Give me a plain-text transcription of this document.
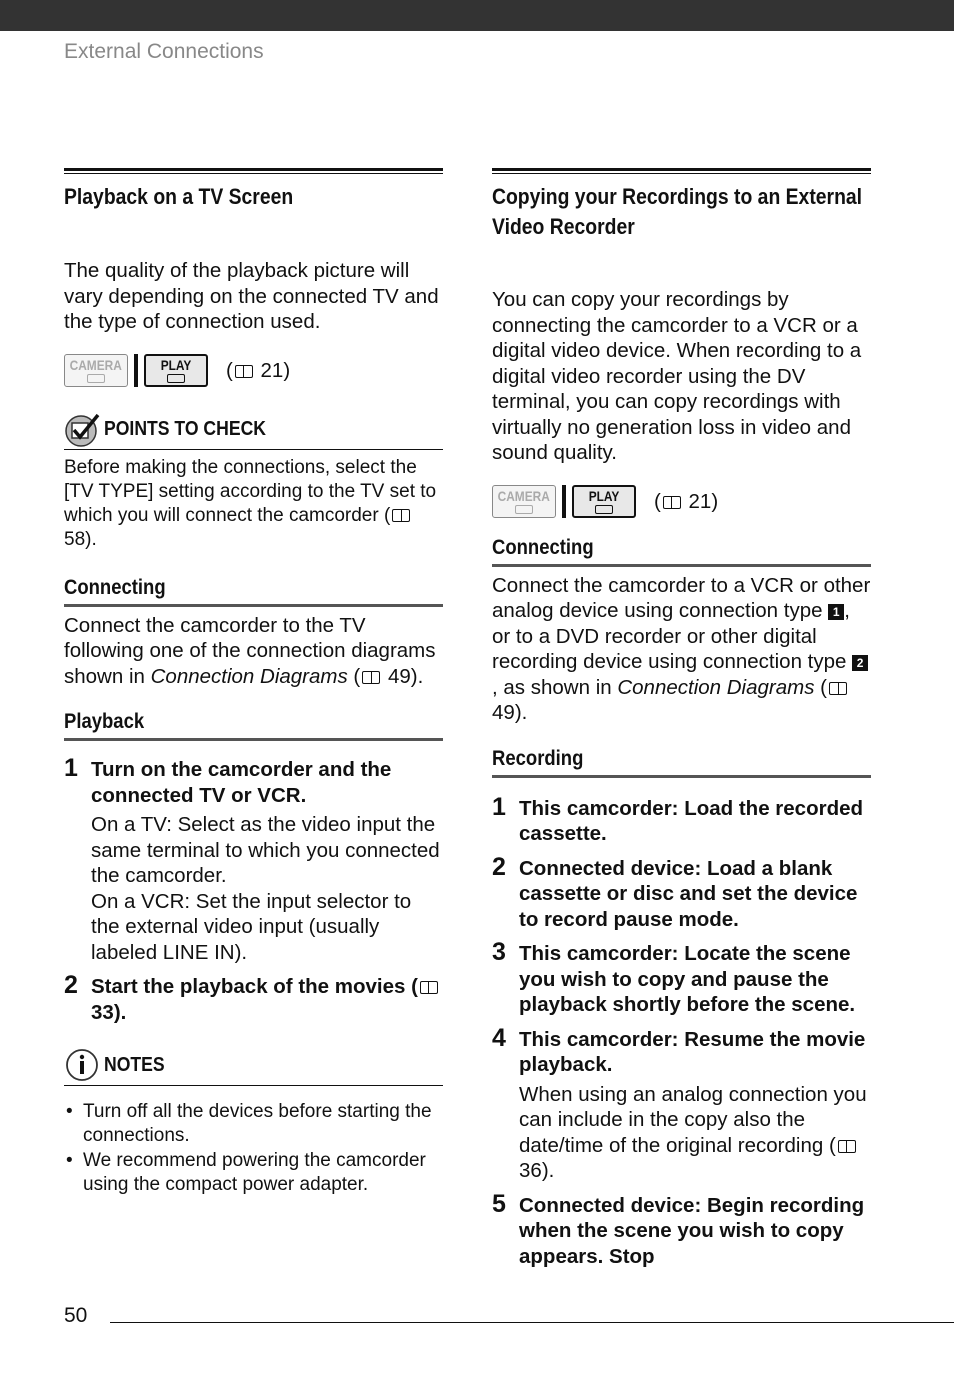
External Connections
Playback on a TV Screen

The quality of the playback picture will vary depending on the connected TV and the type of connection used.

CAMERA	PLAY ( 21)
POINTS TO CHECK

Before making the connections, select the [TV TYPE] setting according to the TV set to which you will connect the camcorder ( 58).

Connecting

Connect the camcorder to the TV following one of the connection diagrams shown in Connection Diagrams ( 49).

Playback
1 Turn on the camcorder and the connected TV or VCR.

On a TV: Select as the video input the same terminal to which you connected the camcorder.

On a VCR: Set the input selector to the external video input (usually labeled LINE IN).

2 Start the playback of the movies ( 33).

NOTES
• Turn off all the devices before starting the connections.
• We recommend powering the camcorder using the compact power adapter.
Copying your Recordings to an External
Video Recorder

You can copy your recordings by connecting the camcorder to a VCR or a digital video device. When recording to a digital video recorder using the DV terminal, you can copy recordings with virtually no generation loss in video and sound quality.

CAMERA	PLAY ( 21)
Connecting

Connect the camcorder to a VCR or other analog device using connection type 1 , or to a DVD recorder or other digital recording device using connection type 2, as shown in Connection Diagrams ( 49).

Recording
1 This camcorder: Load the recorded cassette.

2 Connected device: Load a blank cassette or disc and set the device to record pause mode.

3 This camcorder: Locate the scene you wish to copy and pause the playback shortly before the scene.

4 This camcorder: Resume the movie playback.

When using an analog connection you can include in the copy also the date/time of the original recording ( 36).

5 Connected device: Begin recording when the scene you wish to copy appears. Stop

50
